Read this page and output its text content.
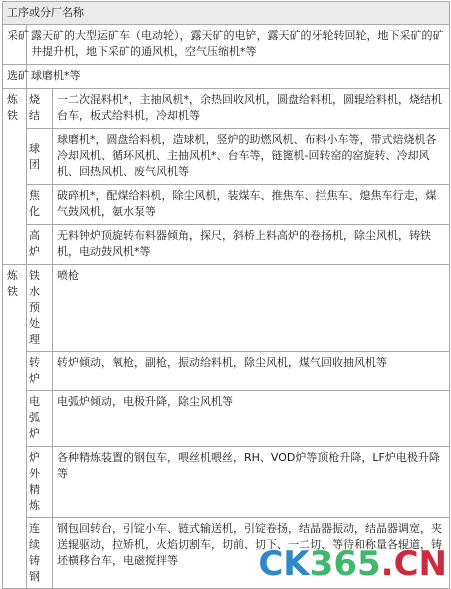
工序或分厂名称		
采矿	露天矿的大型运矿车（电动轮），露天矿的电铲，露天矿的牙轮转回轮，地下采矿的矿井提升机，地下采矿的通风机，空气压缩机*等	
选矿	球磨机*等	
炼铁	烧结	一二次混料机*，主抽风机*，余热回收风机，圆盘给料机，圆辊给料机，烧结机台车，板式给料机，冷却机等
	球团	球磨机*，圆盘给料机，造球机，竖炉的助燃风机、布料小车等，带式焙烧机各冷却风机、循环风机、主抽风机*、台车等，链篦机-回转窑的窑旋转、冷却风机、回热风机、废气风机等
	焦化	破碎机*，配煤给料机，除尘风机，装煤车、推焦车、拦焦车、熄焦车行走，煤气鼓风机，氨水泵等
	高炉	无料钟炉顶旋转布料器倾角，探尺，斜桥上料高炉的卷扬机，除尘风机，铸铁机，电动鼓风机*等
炼铁	铁水预处理	喷枪
	转炉	转炉倾动，氧枪，副枪，振动给料机，除尘风机，煤气回收抽风机等
	电弧炉	电弧炉倾动，电极升降，除尘风机等
	炉外精炼	各种精炼装置的钢包车，喂丝机喂丝，RH、VOD炉等顶枪升降，LF炉电极升降等
	连续铸钢	钢包回转台，引锭小车、链式输送机，引锭卷扬，结晶器振动，结晶器调宽，夹送辊驱动，拉矫机，火焰切割车，切前、切下、一二切、等待和称量各辊道，铸坯横移台车，电磁搅拌等 CK 365 . CN
